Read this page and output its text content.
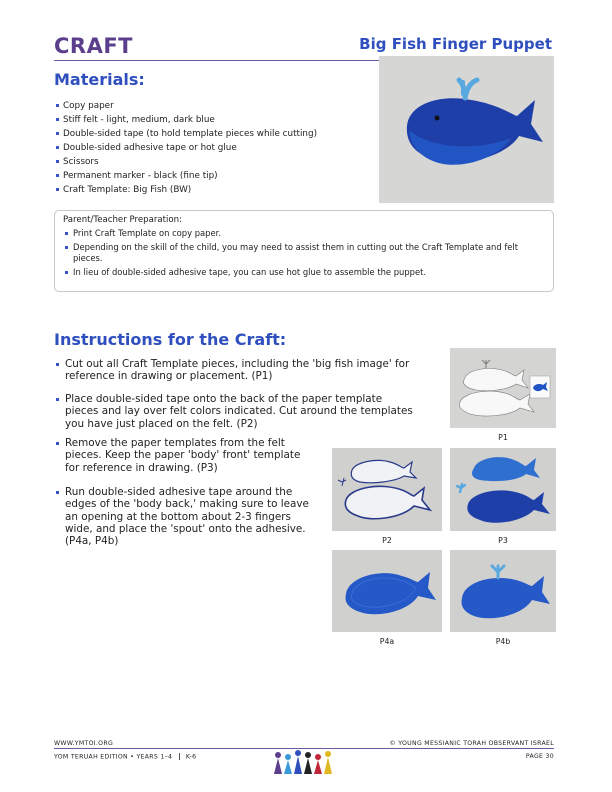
CRAFT	Big Fish Finger Puppet
Materials:
Copy paper
Stiff felt - light, medium, dark blue
Double-sided tape (to hold template pieces while cutting)
Double-sided adhesive tape or hot glue
Scissors
Permanent marker - black (fine tip)
Craft Template: Big Fish (BW)
Parent/Teacher Preparation:
Print Craft Template on copy paper.
Depending on the skill of the child, you may need to assist them in cutting out the Craft Template and felt pieces.
In lieu of double-sided adhesive tape, you can use hot glue to assemble the puppet.
Instructions for the Craft:
Cut out all Craft Template pieces, including the 'big fish image' for
reference in drawing or placement. (P1)
Place double-sided tape onto the back of the paper template
pieces and lay over felt colors indicated. Cut around the templates
you have just placed on the felt. (P2)
Remove the paper templates from the felt
pieces. Keep the paper 'body' front' template
for reference in drawing. (P3)
Run double-sided adhesive tape around the
edges of the 'body back,' making sure to leave
an opening at the bottom about 2-3 fingers
wide, and place the 'spout' onto the adhesive.
(P4a, P4b)
P1
P2	P3
P4a	P4b
WWW.YMTOI.ORG
YOM TERUAH EDITION • YEARS 1–4 K-6
© YOUNG MESSIANIC TORAH OBSERVANT ISRAEL
PAGE 30
